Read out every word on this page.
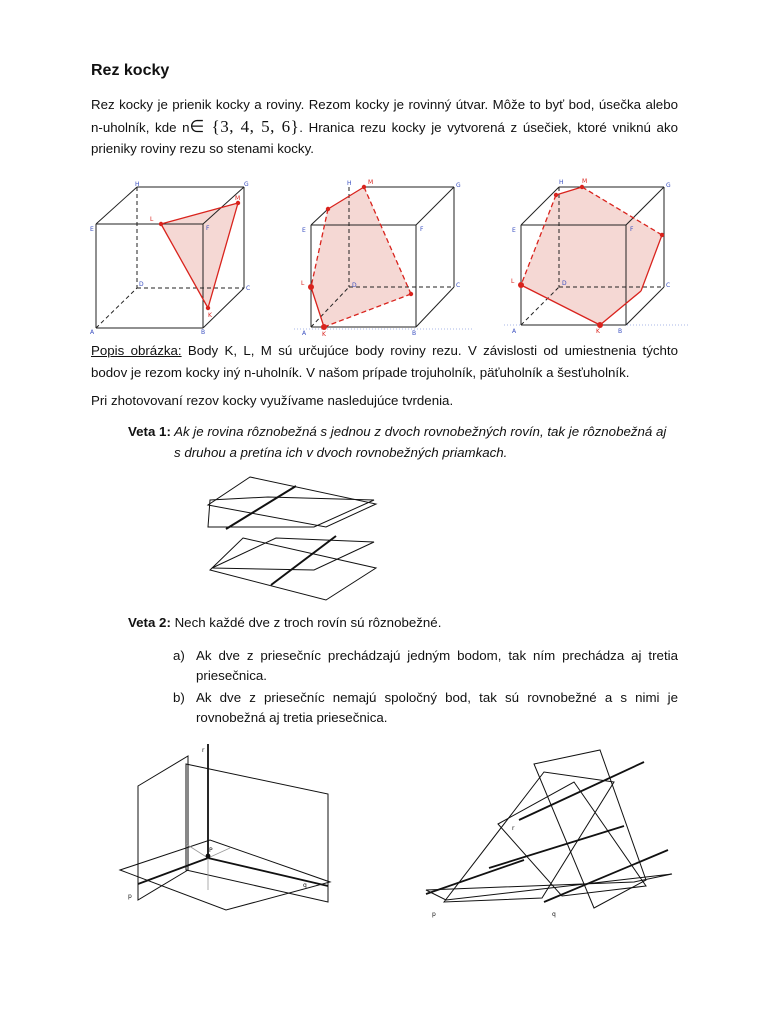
Rez kocky
Rez kocky je prienik kocky a roviny. Rezom kocky je rovinný útvar. Môže to byť bod, úsečka alebo n-uholník, kde n∈ {3, 4, 5, 6}. Hranica rezu kocky je vytvorená z úsečiek, ktoré vniknú ako prieniky roviny rezu so stenami kocky.
A	B
C
D
E	F
G
H
L
M
K
A	B
C
D
E	F
G
H
L
M
K	A	B
C
D
E	F
G
H
L
M
K
Popis obrázka: Body K, L, M sú určujúce body roviny rezu. V závislosti od umiestnenia týchto bodov je rezom kocky iný n-uholník. V našom prípade trojuholník, päťuholník a šesťuholník.
Pri zhotovovaní rezov kocky využívame nasledujúce tvrdenia.
Veta 1: Ak je rovina rôznobežná s jednou z dvoch rovnobežných rovín, tak je rôznobežná aj
s druhou a pretína ich v dvoch rovnobežných priamkach.
Veta 2: Nech každé dve z troch rovín sú rôznobežné.
a) Ak dve z priesečníc prechádzajú jedným bodom, tak ním prechádza aj tretia priesečnica.
b) Ak dve z priesečníc nemajú spoločný bod, tak sú rovnobežné a s nimi je rovnobežná aj tretia priesečnica.
r
P
q
p
r
p	q
